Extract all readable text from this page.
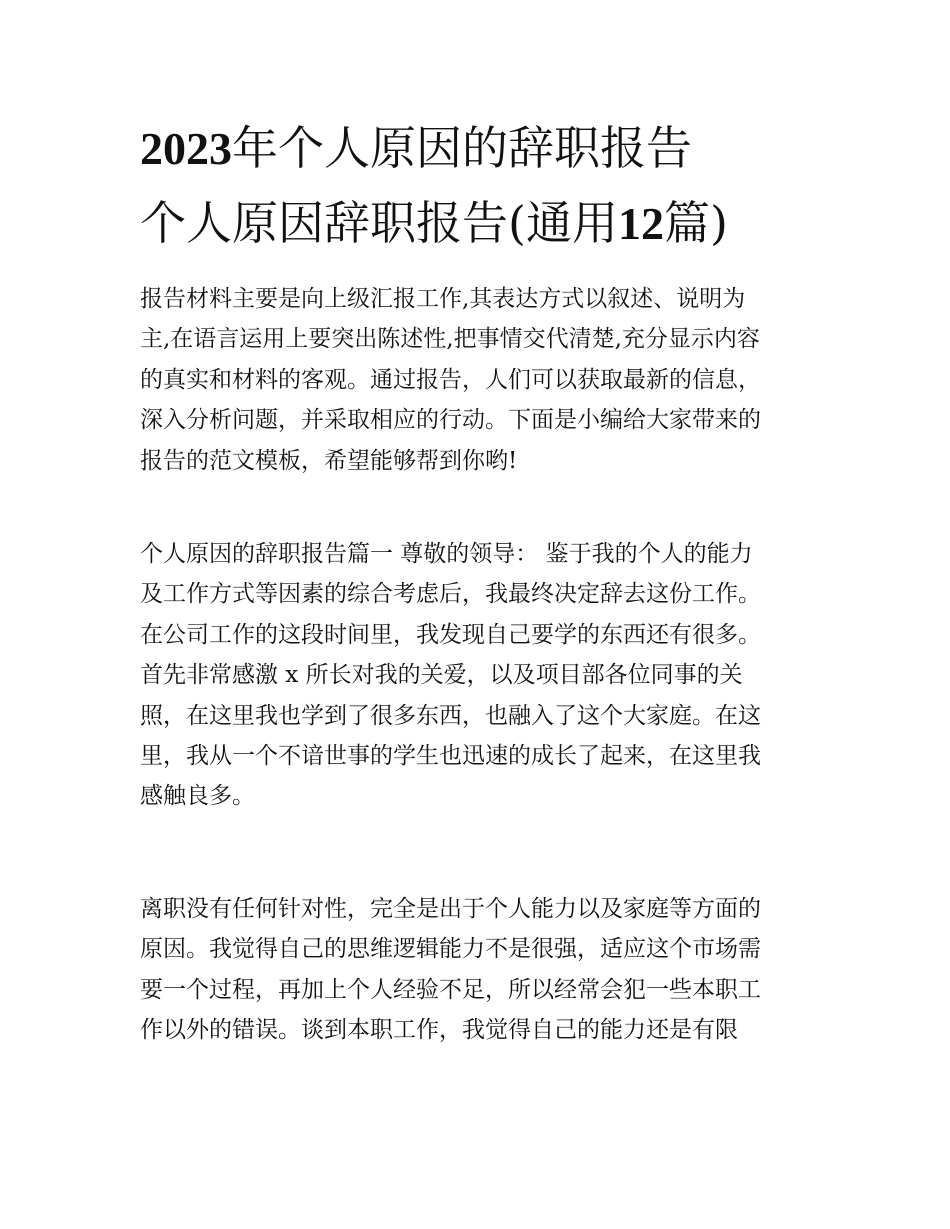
2023年个人原因的辞职报告
个人原因辞职报告(通用12篇)
报告材料主要是向上级汇报工作,其表达方式以叙述、说明为
主,在语言运用上要突出陈述性,把事情交代清楚,充分显示内容
的真实和材料的客观。通过报告，人们可以获取最新的信息，
深入分析问题，并采取相应的行动。下面是小编给大家带来的
报告的范文模板，希望能够帮到你哟!
个人原因的辞职报告篇一 尊敬的领导： 鉴于我的个人的能力
及工作方式等因素的综合考虑后，我最终决定辞去这份工作。
在公司工作的这段时间里，我发现自己要学的东西还有很多。
首先非常感激 x 所长对我的关爱，以及项目部各位同事的关
照，在这里我也学到了很多东西，也融入了这个大家庭。在这
里，我从一个不谙世事的学生也迅速的成长了起来，在这里我
感触良多。
离职没有任何针对性，完全是出于个人能力以及家庭等方面的
原因。我觉得自己的思维逻辑能力不是很强，适应这个市场需
要一个过程，再加上个人经验不足，所以经常会犯一些本职工
作以外的错误。谈到本职工作，我觉得自己的能力还是有限
